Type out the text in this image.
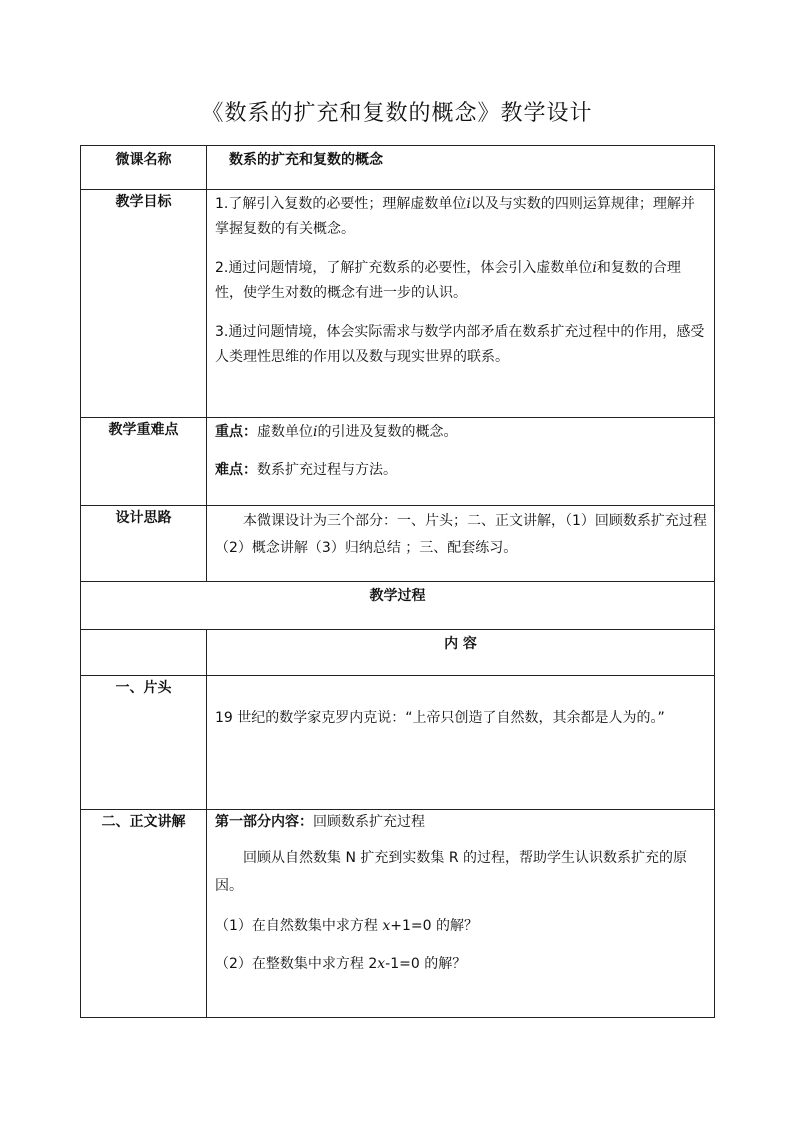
《数系的扩充和复数的概念》教学设计
微课名称	数系的扩充和复数的概念

教学目标	1.了解引入复数的必要性；理解虚数单位i以及与实数的四则运算规律；理解并掌握复数的有关概念。

2.通过问题情境，了解扩充数系的必要性，体会引入虚数单位i和复数的合理性，使学生对数的概念有进一步的认识。

3.通过问题情境，体会实际需求与数学内部矛盾在数系扩充过程中的作用，感受人类理性思维的作用以及数与现实世界的联系。

教学重难点	重点：虚数单位i的引进及复数的概念。

难点：数系扩充过程与方法。

设计思路	本微课设计为三个部分：一、片头；二、正文讲解，（1）回顾数系扩充过程（2）概念讲解（3）归纳总结 ；三、配套练习。

教学过程	
	内 容
一、片头	19 世纪的数学家克罗内克说：“上帝只创造了自然数，其余都是人为的。”

二、正文讲解	第一部分内容：回顾数系扩充过程

回顾从自然数集 N 扩充到实数集 R 的过程，帮助学生认识数系扩充的原因。

（1）在自然数集中求方程 x+1=0 的解？

（2）在整数集中求方程 2x-1=0 的解？
